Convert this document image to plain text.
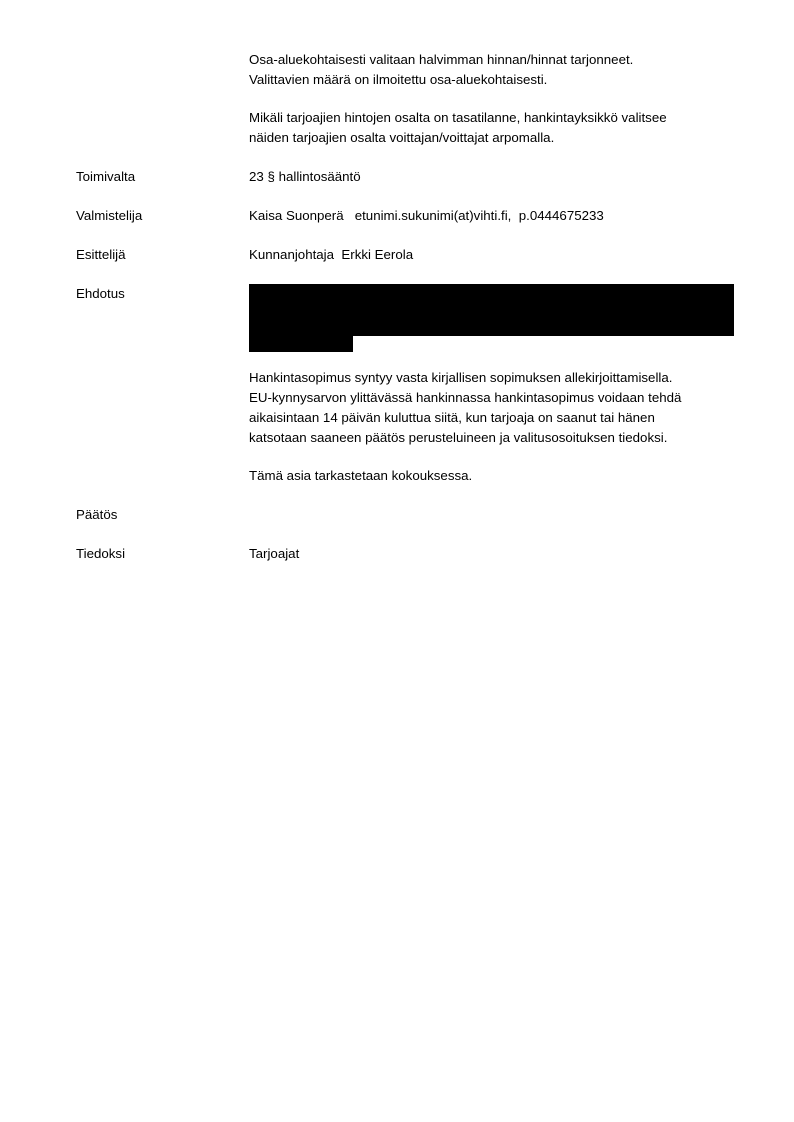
Osa-aluekohtaisesti valitaan halvimman hinnan/hinnat tarjonneet.

Valittavien määrä on ilmoitettu osa-aluekohtaisesti.

Mikäli tarjoajien hintojen osalta on tasatilanne, hankintayksikkö valitsee

näiden tarjoajien osalta voittajan/voittajat arpomalla.

Toimivalta	23 § hallintosääntö
Valmistelija	Kaisa Suonperä   etunimi.sukunimi(at)vihti.fi,  p.0444675233
Esittelijä	Kunnanjohtaja  Erkki Eerola
Ehdotus

Hankintasopimus syntyy vasta kirjallisen sopimuksen allekirjoittamisella.

EU-kynnysarvon ylittävässä hankinnassa hankintasopimus voidaan tehdä

aikaisintaan 14 päivän kuluttua siitä, kun tarjoaja on saanut tai hänen

katsotaan saaneen päätös perusteluineen ja valitusosoituksen tiedoksi.

Tämä asia tarkastetaan kokouksessa.

Päätös
Tiedoksi	Tarjoajat
